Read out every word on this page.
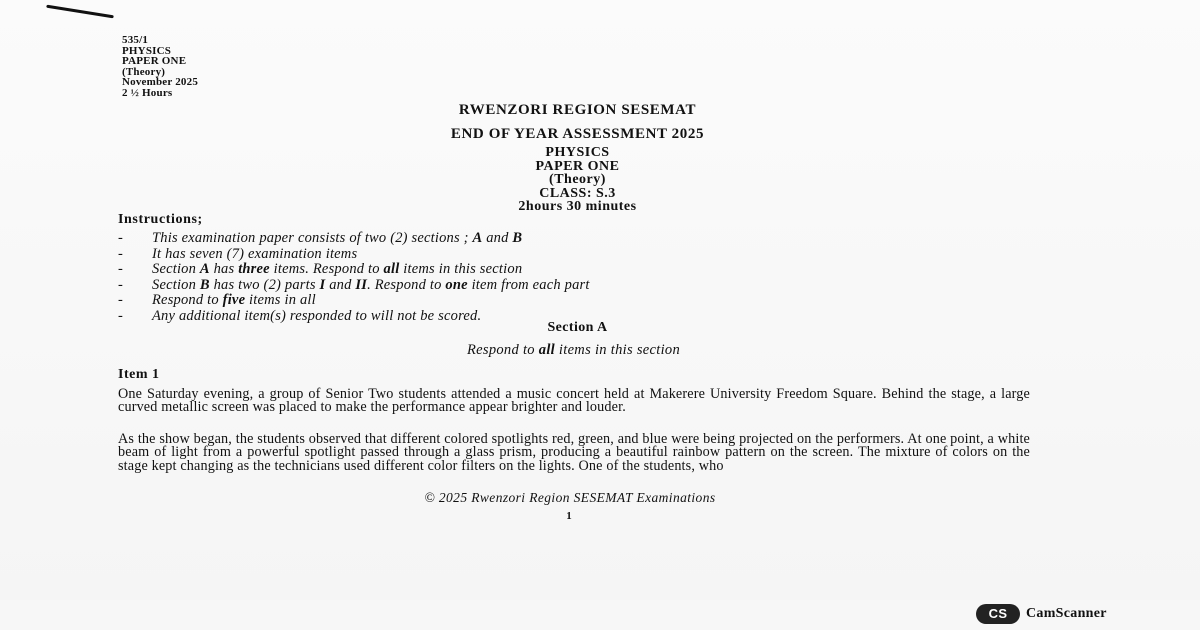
535/1
PHYSICS
PAPER ONE
(Theory)
November 2025
2 ½ Hours
RWENZORI REGION SESEMAT
END OF YEAR ASSESSMENT 2025
PHYSICS
PAPER ONE
(Theory)
CLASS: S.3
2hours 30 minutes
Instructions;
- This examination paper consists of two (2) sections ; A and B
- It has seven (7) examination items
- Section A has three items. Respond to all items in this section
- Section B has two (2) parts I and II. Respond to one item from each part
- Respond to five items in all
- Any additional item(s) responded to will not be scored.
Section A
Respond to all items in this section
Item 1

One Saturday evening, a group of Senior Two students attended a music concert held at Makerere University Freedom Square. Behind the stage, a large curved metallic screen was placed to make the performance appear brighter and louder.

As the show began, the students observed that different colored spotlights red, green, and blue were being projected on the performers. At one point, a white beam of light from a powerful spotlight passed through a glass prism, producing a beautiful rainbow pattern on the screen. The mixture of colors on the stage kept changing as the technicians used different color filters on the lights. One of the students, who

© 2025 Rwenzori Region SESEMAT Examinations
1
CS	CamScanner
